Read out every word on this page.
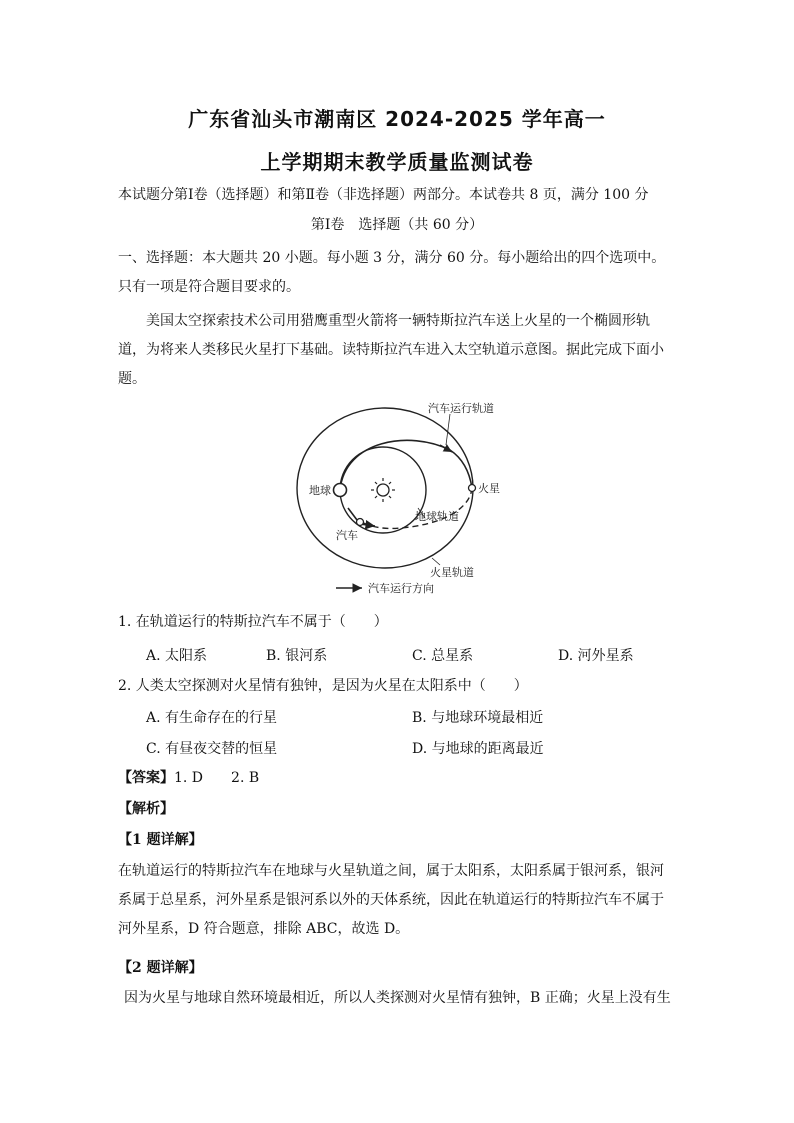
广东省汕头市潮南区 2024-2025 学年高一
上学期期末教学质量监测试卷
本试题分第Ⅰ卷（选择题）和第Ⅱ卷（非选择题）两部分。本试卷共 8 页，满分 100 分
第Ⅰ卷　选择题（共 60 分）
一、选择题：本大题共 20 小题。每小题 3 分，满分 60 分。每小题给出的四个选项中。只有一项是符合题目要求的。
美国太空探索技术公司用猎鹰重型火箭将一辆特斯拉汽车送上火星的一个椭圆形轨道，为将来人类移民火星打下基础。读特斯拉汽车进入太空轨道示意图。据此完成下面小题。
汽车运行轨道
地球	火星
地球轨道
汽车
火星轨道
汽车运行方向
1. 在轨道运行的特斯拉汽车不属于（　　）
A. 太阳系	B. 银河系	C. 总星系	D. 河外星系
2. 人类太空探测对火星情有独钟，是因为火星在太阳系中（　　）
A. 有生命存在的行星	B. 与地球环境最相近
C. 有昼夜交替的恒星	D. 与地球的距离最近
【答案】1. D　　2. B
【解析】
【1 题详解】
在轨道运行的特斯拉汽车在地球与火星轨道之间，属于太阳系，太阳系属于银河系，银河系属于总星系，河外星系是银河系以外的天体系统，因此在轨道运行的特斯拉汽车不属于河外星系，D 符合题意，排除 ABC，故选 D。
【2 题详解】
因为火星与地球自然环境最相近，所以人类探测对火星情有独钟，B 正确；火星上没有生
